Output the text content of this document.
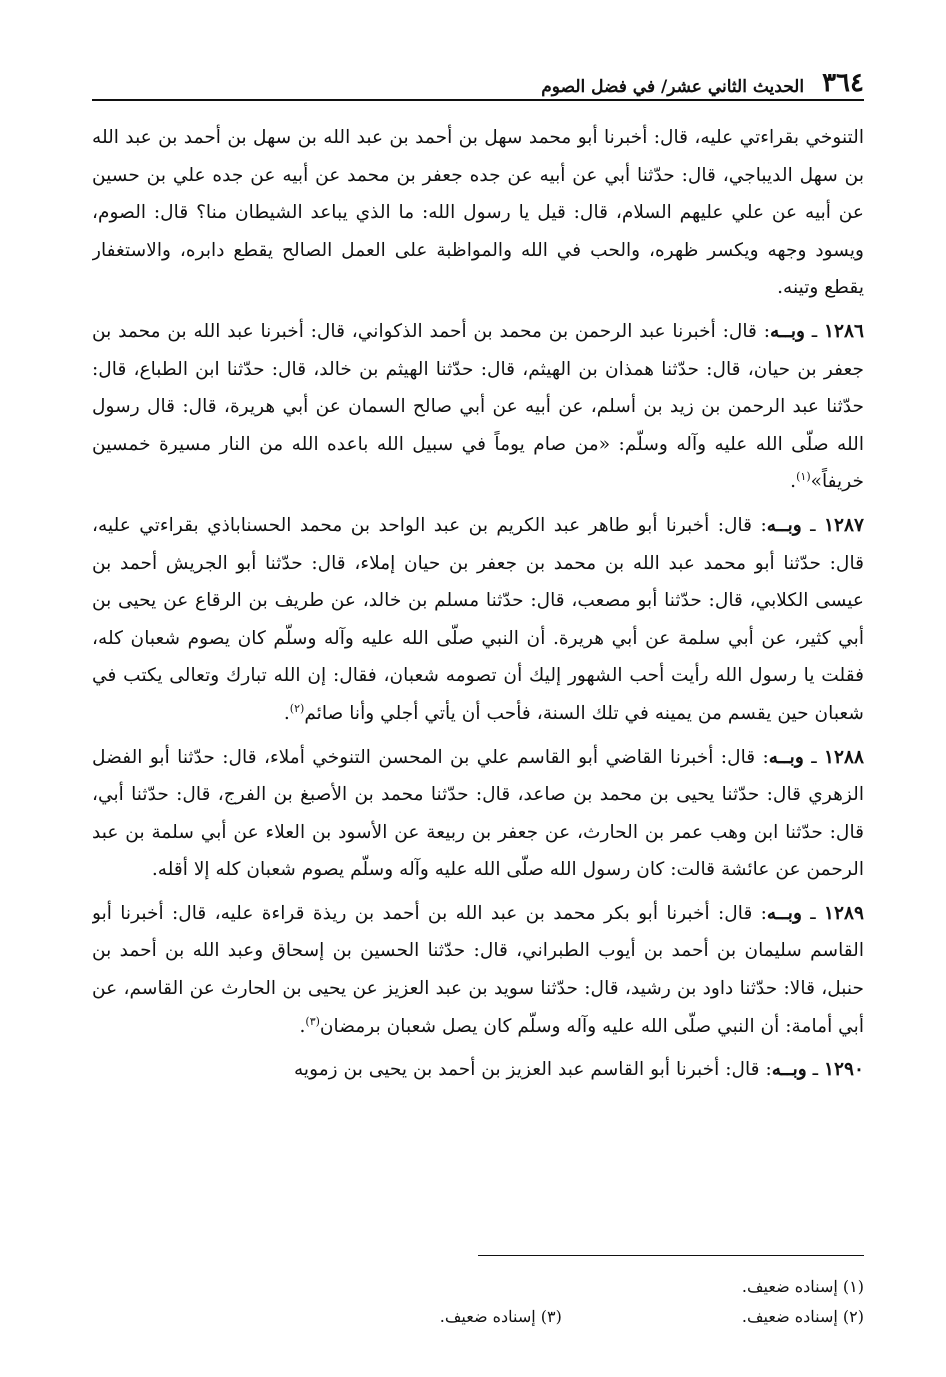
٣٦٤
الحديث الثاني عشر/ في فضل الصوم

التنوخي بقراءتي عليه، قال: أخبرنا أبو محمد سهل بن أحمد بن عبد الله بن سهل بن أحمد بن عبد الله بن سهل الديباجي، قال: حدّثنا أبي عن أبيه عن جده جعفر بن محمد عن أبيه عن جده علي بن حسين عن أبيه عن علي عليهم السلام، قال: قيل يا رسول الله: ما الذي يباعد الشيطان منا؟ قال: الصوم، ويسود وجهه ويكسر ظهره، والحب في الله والمواظبة على العمل الصالح يقطع دابره، والاستغفار يقطع وتينه.

١٢٨٦ ـ وبــه: قال: أخبرنا عبد الرحمن بن محمد بن أحمد الذكواني، قال: أخبرنا عبد الله بن محمد بن جعفر بن حيان، قال: حدّثنا همذان بن الهيثم، قال: حدّثنا الهيثم بن خالد، قال: حدّثنا ابن الطباع، قال: حدّثنا عبد الرحمن بن زيد بن أسلم، عن أبيه عن أبي صالح السمان عن أبي هريرة، قال: قال رسول الله صلّى الله عليه وآله وسلّم: «من صام يوماً في سبيل الله باعده الله من النار مسيرة خمسين خريفاً»$^{(١)}$.

١٢٨٧ ـ وبــه: قال: أخبرنا أبو طاهر عبد الكريم بن عبد الواحد بن محمد الحسناباذي بقراءتي عليه، قال: حدّثنا أبو محمد عبد الله بن محمد بن جعفر بن حيان إملاء، قال: حدّثنا أبو الجريش أحمد بن عيسى الكلابي، قال: حدّثنا أبو مصعب، قال: حدّثنا مسلم بن خالد، عن طريف بن الرقاع عن يحيى بن أبي كثير، عن أبي سلمة عن أبي هريرة. أن النبي صلّى الله عليه وآله وسلّم كان يصوم شعبان كله، فقلت يا رسول الله رأيت أحب الشهور إليك أن تصومه شعبان، فقال: إن الله تبارك وتعالى يكتب في شعبان حين يقسم من يمينه في تلك السنة، فأحب أن يأتي أجلي وأنا صائم$^{(٢)}$.

١٢٨٨ ـ وبــه: قال: أخبرنا القاضي أبو القاسم علي بن المحسن التنوخي أملاء، قال: حدّثنا أبو الفضل الزهري قال: حدّثنا يحيى بن محمد بن صاعد، قال: حدّثنا محمد بن الأصبغ بن الفرج، قال: حدّثنا أبي، قال: حدّثنا ابن وهب عمر بن الحارث، عن جعفر بن ربيعة عن الأسود بن العلاء عن أبي سلمة بن عبد الرحمن عن عائشة قالت: كان رسول الله صلّى الله عليه وآله وسلّم يصوم شعبان كله إلا أقله.

١٢٨٩ ـ وبــه: قال: أخبرنا أبو بكر محمد بن عبد الله بن أحمد بن ريذة قراءة عليه، قال: أخبرنا أبو القاسم سليمان بن أحمد بن أيوب الطبراني، قال: حدّثنا الحسين بن إسحاق وعبد الله بن أحمد بن حنبل، قالا: حدّثنا داود بن رشيد، قال: حدّثنا سويد بن عبد العزيز عن يحيى بن الحارث عن القاسم، عن أبي أمامة: أن النبي صلّى الله عليه وآله وسلّم كان يصل شعبان برمضان$^{(٣)}$.

١٢٩٠ ـ وبــه: قال: أخبرنا أبو القاسم عبد العزيز بن أحمد بن يحيى بن زمويه

(١) إسناده ضعيف.
(٢) إسناده ضعيف.
(٣) إسناده ضعيف.
